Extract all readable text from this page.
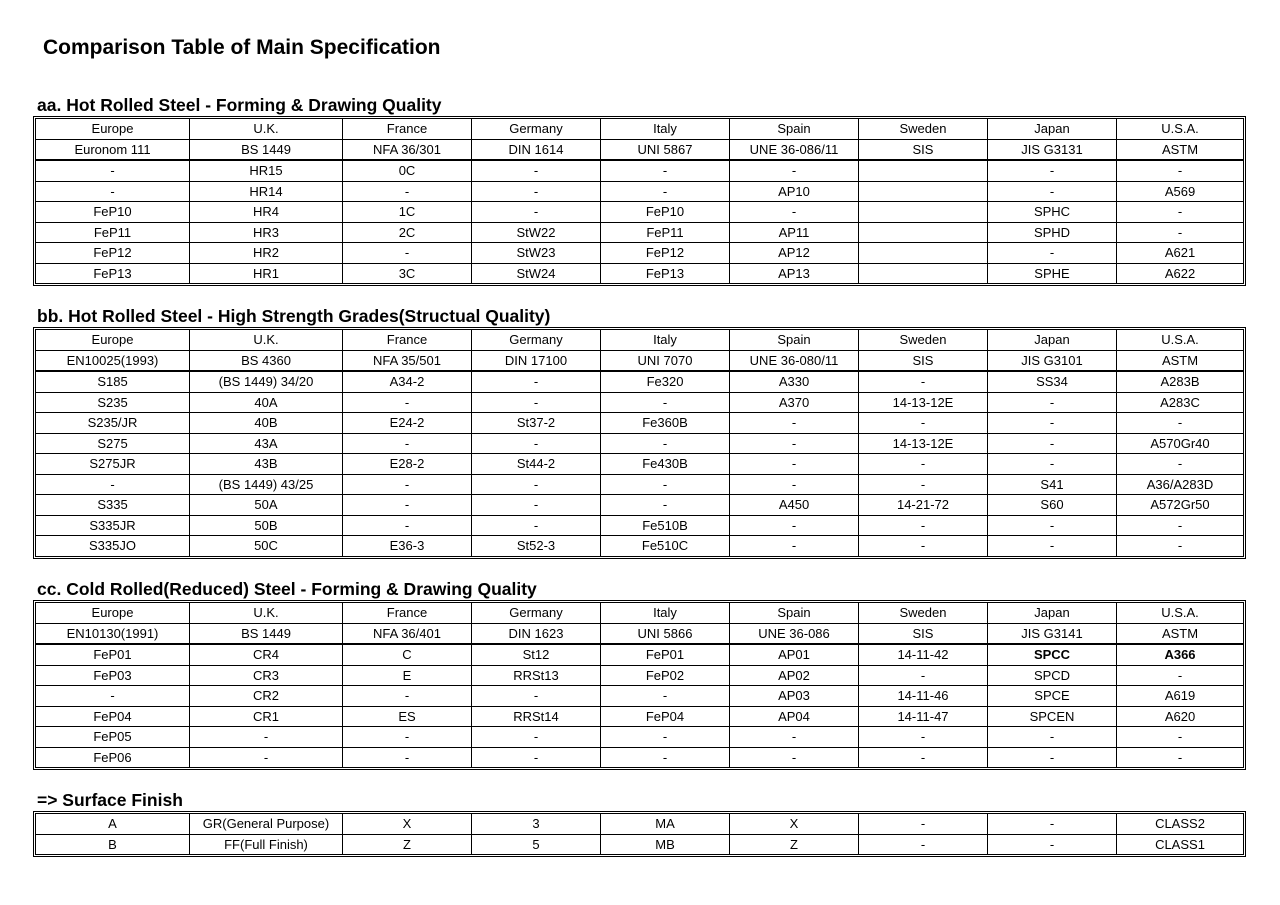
Comparison Table of Main Specification
aa. Hot Rolled Steel - Forming & Drawing Quality
Europe	U.K.	France	Germany	Italy	Spain	Sweden	Japan	U.S.A.
Euronom 111	BS 1449	NFA 36/301	DIN 1614	UNI 5867	UNE 36-086/11	SIS	JIS G3131	ASTM
-	HR15	0C	-	-	-		-	-
-	HR14	-	-	-	AP10		-	A569
FeP10	HR4	1C	-	FeP10	-		SPHC	-
FeP11	HR3	2C	StW22	FeP11	AP11		SPHD	-
FeP12	HR2	-	StW23	FeP12	AP12		-	A621
FeP13	HR1	3C	StW24	FeP13	AP13		SPHE	A622
bb. Hot Rolled Steel - High Strength Grades(Structual Quality)
Europe	U.K.	France	Germany	Italy	Spain	Sweden	Japan	U.S.A.
EN10025(1993)	BS 4360	NFA 35/501	DIN 17100	UNI 7070	UNE 36-080/11	SIS	JIS G3101	ASTM
S185	(BS 1449) 34/20	A34-2	-	Fe320	A330	-	SS34	A283B
S235	40A	-	-	-	A370	14-13-12E	-	A283C
S235/JR	40B	E24-2	St37-2	Fe360B	-	-	-	-
S275	43A	-	-	-	-	14-13-12E	-	A570Gr40
S275JR	43B	E28-2	St44-2	Fe430B	-	-	-	-
-	(BS 1449) 43/25	-	-	-	-	-	S41	A36/A283D
S335	50A	-	-	-	A450	14-21-72	S60	A572Gr50
S335JR	50B	-	-	Fe510B	-	-	-	-
S335JO	50C	E36-3	St52-3	Fe510C	-	-	-	-
cc. Cold Rolled(Reduced) Steel - Forming & Drawing Quality
Europe	U.K.	France	Germany	Italy	Spain	Sweden	Japan	U.S.A.
EN10130(1991)	BS 1449	NFA 36/401	DIN 1623	UNI 5866	UNE 36-086	SIS	JIS G3141	ASTM
FeP01	CR4	C	St12	FeP01	AP01	14-11-42	SPCC	A366
FeP03	CR3	E	RRSt13	FeP02	AP02	-	SPCD	-
-	CR2	-	-	-	AP03	14-11-46	SPCE	A619
FeP04	CR1	ES	RRSt14	FeP04	AP04	14-11-47	SPCEN	A620
FeP05	-	-	-	-	-	-	-	-
FeP06	-	-	-	-	-	-	-	-
=> Surface Finish
A	GR(General Purpose)	X	3	MA	X	-	-	CLASS2
B	FF(Full Finish)	Z	5	MB	Z	-	-	CLASS1
